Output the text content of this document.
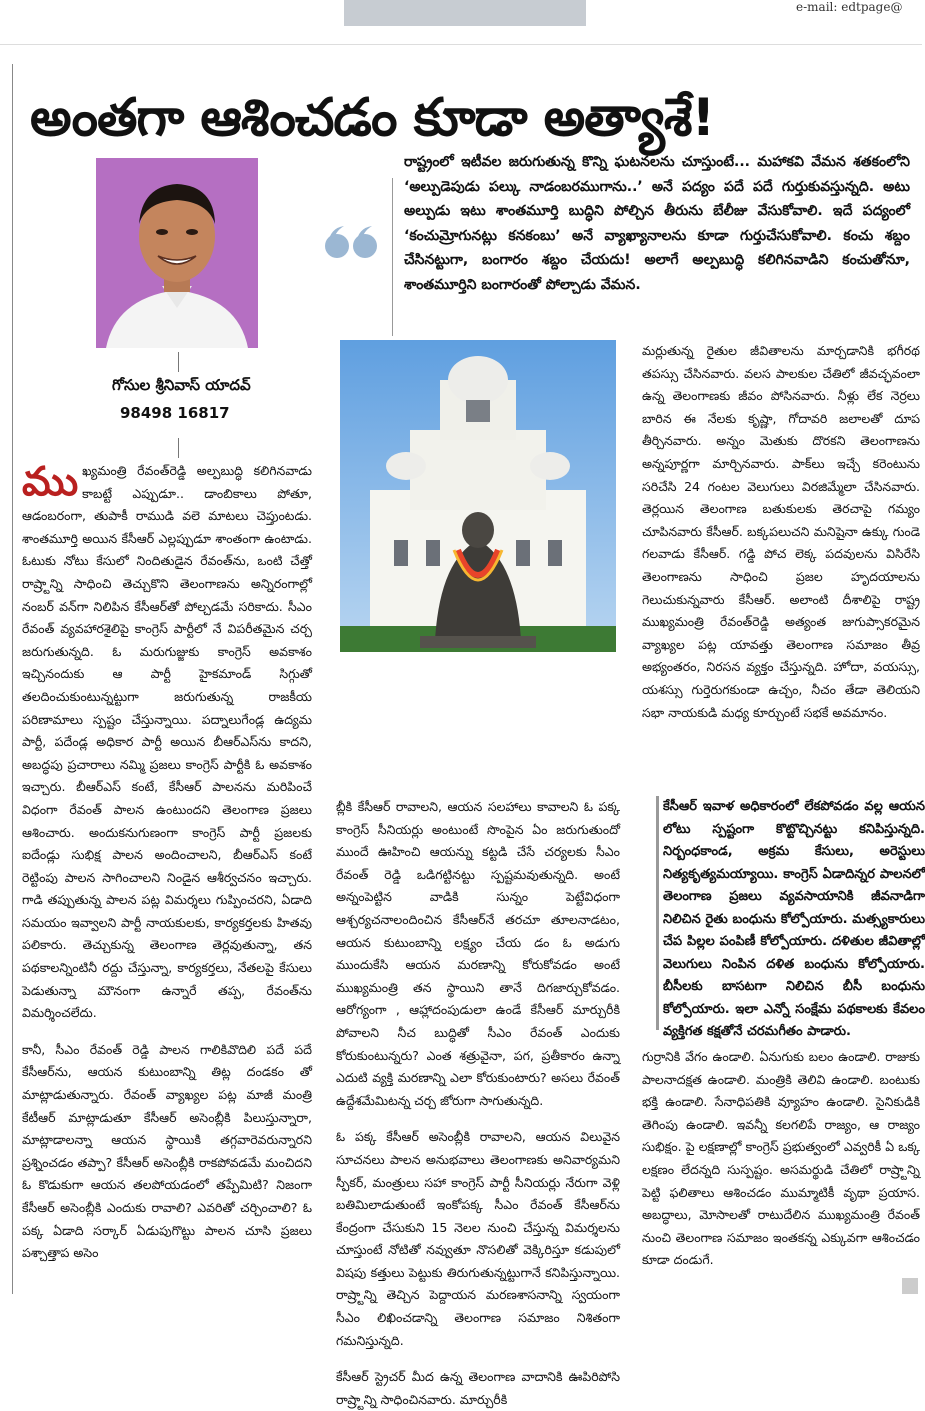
e-mail: edtpage@
అంతగా ఆశించడం కూడా అత్యాశే!
గోసుల శ్రీనివాస్ యాదవ్
98498 16817
రాష్ట్రంలో ఇటీవల జరుగుతున్న కొన్ని ఘటనలను చూస్తుంటే... మహాకవి వేమన శతకంలోని ‘అల్పుడెపుడు పల్కు నాడంబరముగాను..’ అనే పద్యం పదే పదే గుర్తుకువస్తున్నది. అటు అల్పుడు ఇటు శాంతమూర్తి బుద్ధిని పోల్చిన తీరును బేలీజు వేసుకోవాలి. ఇదే పద్యంలో ‘కంచుమ్రోగునట్లు కనకంబు’ అనే వ్యాఖ్యానాలను కూడా గుర్తుచేసుకోవాలి. కంచు శబ్దం చేసినట్టుగా, బంగారం శబ్దం చేయదు! అలాగే అల్పబుద్ధి కలిగినవాడిని కంచుతోనూ, శాంతమూర్తిని బంగారంతో పోల్చాడు వేమన.

ముఖ్యమంత్రి రేవంత్‌రెడ్డి అల్పబుద్ధి కలిగినవాడు కాబట్టే ఎప్పుడూ.. డాంబికాలు పోతూ, ఆడంబరంగా, తుపాకీ రాముడి వలె మాటలు చెప్తుంటడు. శాంతమూర్తి అయిన కేసీఆర్ ఎల్లప్పుడూ శాంతంగా ఉంటాడు. ఓటుకు నోటు కేసులో నిందితుడైన రేవంత్‌ను, ఒంటి చేత్తో రాష్ర్టాన్ని సాధించి తెచ్చుకొని తెలంగాణను అన్నిరంగాల్లో నంబర్ వన్‌గా నిలిపిన కేసీఆర్‌తో పోల్చడమే సరికాదు. సీఎం రేవంత్ వ్యవహారశైలిపై కాంగ్రెస్ పార్టీలో నే విపరీతమైన చర్చ జరుగుతున్నది. ఓ మరుగుజ్జుకు కాంగ్రెస్ అవకాశం ఇచ్చినందుకు ఆ పార్టీ హైకమాండ్ సిగ్గుతో తలదించుకుంటున్నట్టుగా జరుగుతున్న రాజకీయ పరిణామాలు స్పష్టం చేస్తున్నాయి. పద్నాలుగేండ్ల ఉద్యమ పార్టీ, పదేండ్ల అధికార పార్టీ అయిన బీఆర్‌ఎస్‌ను కాదని, అబద్ధపు ప్రచారాలు నమ్మి ప్రజలు కాంగ్రెస్ పార్టీకి ఓ అవకాశం ఇచ్చారు. బీఆర్‌ఎస్ కంటే, కేసీఆర్ పాలనను మరిపించే విధంగా రేవంత్ పాలన ఉంటుందని తెలంగాణ ప్రజలు ఆశించారు. అందుకనుగుణంగా కాంగ్రెస్ పార్టీ ప్రజలకు ఐదేండ్లు సుభిక్ష పాలన అందించాలని, బీఆర్‌ఎస్ కంటే రెట్టింపు పాలన సాగించాలని నిండైన ఆశీర్వచనం ఇచ్చారు. గాడి తప్పుతున్న పాలన పట్ల విమర్శలు గుప్పించరని, ఏడాది సమయం ఇవ్వాలని పార్టీ నాయకులకు, కార్యకర్తలకు హితవు పలికారు. తెచ్చుకున్న తెలంగాణ తెర్లవుతున్నా, తన పథకాలన్నింటినీ రద్దు చేస్తున్నా, కార్యకర్తలు, నేతలపై కేసులు పెడుతున్నా మౌనంగా ఉన్నారే తప్ప, రేవంత్‌ను విమర్శించలేదు.

కానీ, సీఎం రేవంత్ రెడ్డి పాలన గాలికివొదిలి పదే పదే కేసీఆర్‌ను, ఆయన కుటుంబాన్ని తిట్ల దండకం తో మాట్లాడుతున్నారు. రేవంత్ వ్యాఖ్యల పట్ల మాజీ మంత్రి కేటీఆర్ మాట్లాడుతూ కేసీఆర్ అసెంబ్లీకి పిలుస్తున్నారా, మాట్లాడాలన్నా ఆయన స్థాయికి తగ్గవారెవరున్నారని ప్రశ్నించడం తప్పా? కేసీఆర్ అసెంబ్లీకి రాకపోవడమే మంచిదని ఓ కొడుకుగా ఆయన తలపోయడంలో తప్పేమిటి? నిజంగా కేసీఆర్ అసెంబ్లీకి ఎందుకు రావాలి? ఎవరితో చర్చించాలి? ఓ పక్క ఏడాది సర్కార్ ఏడుపుగొట్టు పాలన చూసి ప్రజలు పశ్చాత్తాప అసెం

బ్లీకి కేసీఆర్ రావాలని, ఆయన సలహాలు కావాలని ఓ పక్క కాంగ్రెస్ సీనియర్లు అంటుంటే సొంపైన ఏం జరుగుతుందో ముందే ఊహించి ఆయన్ను కట్టడి చేసే చర్యలకు సీఎం రేవంత్ రెడ్డి ఒడిగట్టినట్టు స్పష్టమవుతున్నది. అంటే అన్నంపెట్టిన వాడికి సున్నం పెట్టేవిధంగా ఆశ్చర్యచనాలందించిన కేసీఆర్‌నే తరచూ తూలనాడటం, ఆయన కుటుంబాన్ని లక్ష్యం చేయ డం ఓ అడుగు ముందుకేసి ఆయన మరణాన్ని కోరుకోవడం అంటే ముఖ్యమంత్రి తన స్థాయిని తానే దిగజార్చుకోవడం. ఆరోగ్యంగా , ఆహ్లాదంపుడులా ఉండే కేసీఆర్ మార్చురీకి పోవాలని నీచ బుద్ధితో సీఎం రేవంత్ ఎందుకు కోరుకుంటున్నరు? ఎంత శత్రువైనా, పగ, ప్రతీకారం ఉన్నా ఎదుటి వ్యక్తి మరణాన్ని ఎలా కోరుకుంటారు? అసలు రేవంత్ ఉద్దేశమేమిటన్న చర్చ జోరుగా సాగుతున్నది.

ఓ పక్క కేసీఆర్ అసెంబ్లీకి రావాలని, ఆయన విలువైన సూచనలు పాలన అనుభవాలు తెలంగాణకు అనివార్యమని స్పీకర్, మంత్రులు సహా కాంగ్రెస్ పార్టీ సీనియర్లు నేరుగా వెళ్లి బతిమిలాడుతుంటే ఇంకోపక్క సీఎం రేవంత్ కేసీఆర్‌ను కేంద్రంగా చేసుకుని 15 నెలల నుంచి చేస్తున్న విమర్శలను చూస్తుంటే నోటితో నవ్వుతూ నొసలితో వెక్కిరిస్తూ కడుపులో విషపు కత్తులు పెట్టుకు తిరుగుతున్నట్టుగానే కనిపిస్తున్నాయి. రాష్ర్టాన్ని తెచ్చిన పెద్దాయన మరణశాసనాన్ని స్వయంగా సీఎం లిఖించడాన్ని తెలంగాణ సమాజం నిశితంగా గమనిస్తున్నది.

కేసీఆర్ స్ట్రెచర్ మీద ఉన్న తెలంగాణ వాదానికి ఊపిరిపోసి రాష్ర్టాన్ని సాధించినవారు. మార్చురీకి

మర్లుతున్న రైతుల జీవితాలను మార్చడానికి భగీరథ తపస్సు చేసినవారు. వలస పాలకుల చేతిలో జీవచ్ఛవంలా ఉన్న తెలంగాణకు జీవం పోసినవారు. నీళ్లు లేక నెర్రలు బారిన ఈ నేలకు కృష్ణా, గోదావరి జలాలతో దూప తీర్చినవారు. అన్నం మెతుకు దొరకని తెలంగాణను అన్నపూర్ణగా మార్చినవారు. పాక్‌లు ఇచ్చే కరెంటును సరిచేసి 24 గంటల వెలుగులు విరజిమ్మేలా చేసినవారు. తెర్లయిన తెలంగాణ బతుకులకు తెరచాపై గమ్యం చూపినవారు కేసీఆర్. బక్కపలుచని మనిషైనా ఉక్కు గుండె గలవాడు కేసీఆర్. గడ్డి పోచ లెక్క పదవులను విసిరేసి తెలంగాణను సాధించి ప్రజల హృదయాలను గెలుచుకున్నవారు కేసీఆర్. అలాంటి దీశాలిపై రాష్ట్ర ముఖ్యమంత్రి రేవంత్‌రెడ్డి అత్యంత జుగుప్సాకరమైన వ్యాఖ్యల పట్ల యావత్తు తెలంగాణ సమాజం తీవ్ర అభ్యంతరం, నిరసన వ్యక్తం చేస్తున్నది. హోదా, వయస్సు, యశస్సు గుర్తెరుగకుండా ఉచ్చం, నీచం తేడా తెలియని సభా నాయకుడి మధ్య కూర్చుంటే సభకే అవమానం.

కేసీఆర్ ఇవాళ అధికారంలో లేకపోవడం వల్ల ఆయన లోటు స్పష్టంగా కొట్టొచ్చినట్టు కనిపిస్తున్నది. నిర్బంధకాండ, అక్రమ కేసులు, అరెస్టులు నిత్యకృత్యమయ్యాయి. కాంగ్రెస్ ఏడాదిన్నర పాలనలో తెలంగాణ ప్రజలు వ్యవసాయానికి జీవనాడిగా నిలిచిన రైతు బంధును కోల్పోయారు. మత్స్యకారులు చేప పిల్లల పంపిణీ కోల్పోయారు. దళితుల జీవితాల్లో వెలుగులు నింపిన దళిత బంధును కోల్పోయారు. బీసీలకు బాసటగా నిలిచిన బీసీ బంధును కోల్పోయారు. ఇలా ఎన్నో సంక్షేమ పథకాలకు కేవలం వ్యక్తిగత కక్షతోనే చరమగీతం పాడారు.

గుర్రానికి వేగం ఉండాలి. ఏనుగుకు బలం ఉండాలి. రాజుకు పాలనాదక్షత ఉండాలి. మంత్రికి తెలివి ఉండాలి. బంటుకు భక్తి ఉండాలి. సేనాధిపతికి వ్యూహం ఉండాలి. సైనికుడికి తెగింపు ఉండాలి. ఇవన్నీ కలగలిపే రాజ్యం, ఆ రాజ్యం సుభిక్షం. పై లక్షణాల్లో కాంగ్రెస్ ప్రభుత్వంలో ఎవ్వరికీ ఏ ఒక్క లక్షణం లేదన్నది సుస్పష్టం. అసమర్థుడి చేతిలో రాష్ర్టాన్ని పెట్టి ఫలితాలు ఆశించడం ముమ్మాటికీ వృథా ప్రయాస. అబద్ధాలు, మోసాలతో రాటుదేలిన ముఖ్యమంత్రి రేవంత్ నుంచి తెలంగాణ సమాజం ఇంతకన్న ఎక్కువగా ఆశించడం కూడా దండుగే.
